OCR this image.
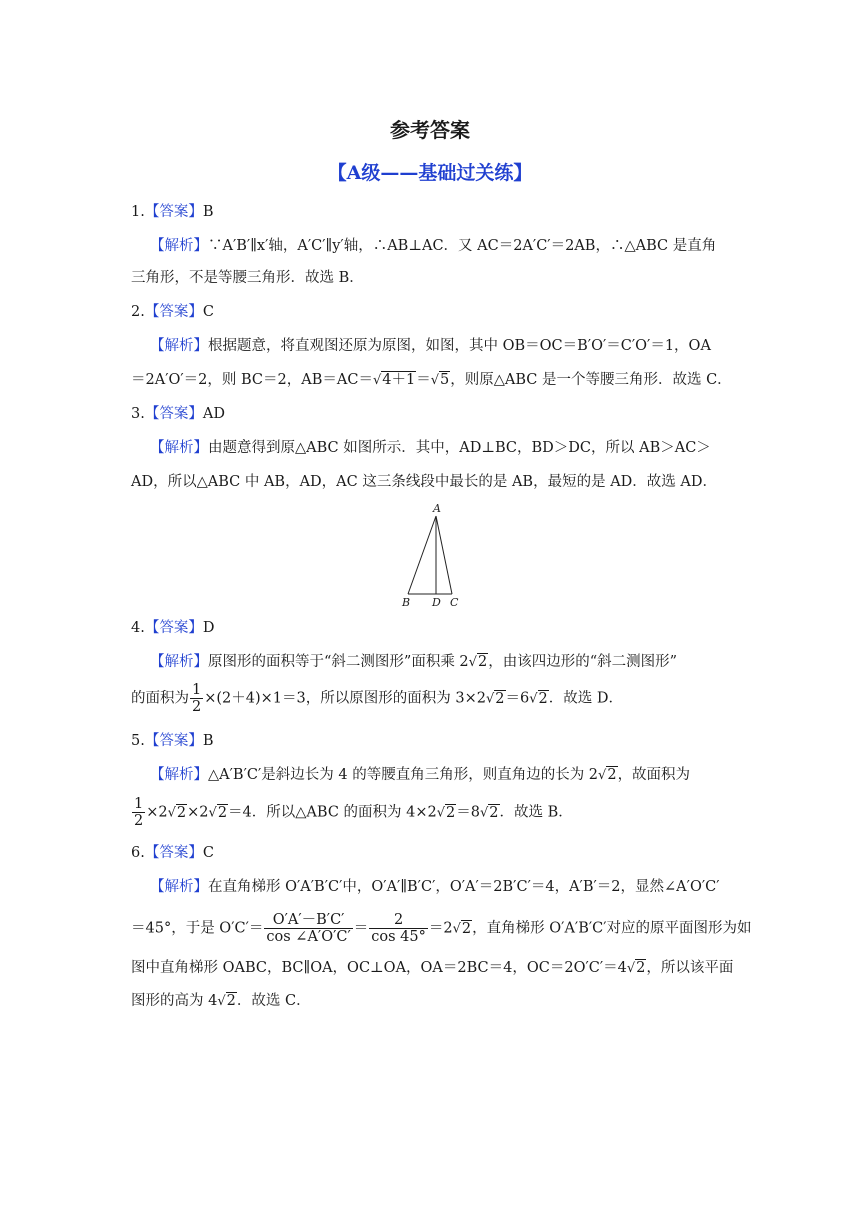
参考答案
【A级——基础过关练】
1.【答案】B
【解析】∵A′B′∥x′轴，A′C′∥y′轴，∴AB⊥AC．又 AC＝2A′C′＝2AB，∴△ABC 是直角
三角形，不是等腰三角形．故选 B．
2.【答案】C
【解析】根据题意，将直观图还原为原图，如图，其中 OB＝OC＝B′O′＝C′O′＝1，OA
＝2A′O′＝2，则 BC＝2，AB＝AC＝√4＋1＝√5，则原△ABC 是一个等腰三角形．故选 C．
3.【答案】AD
【解析】由题意得到原△ABC 如图所示．其中，AD⊥BC，BD＞DC，所以 AB＞AC＞
AD，所以△ABC 中 AB，AD，AC 这三条线段中最长的是 AB，最短的是 AD．故选 AD．
A
B D C
4.【答案】D
【解析】原图形的面积等于“斜二测图形”面积乘 2√2，由该四边形的“斜二测图形”
的面积为 $\frac{1}{2} \times(2+4)\times 1=3$，所以原图形的面积为 3×2√2＝6√2．故选 D．
5.【答案】B
【解析】△A′B′C′是斜边长为 4 的等腰直角三角形，则直角边的长为 2√2，故面积为
$\frac{1}{2} \times 2√2\times 2√2=4$．所以△ABC 的面积为 4×2√2＝8√2．故选 B．
6.【答案】C
【解析】在直角梯形 O′A′B′C′中，O′A′∥B′C′，O′A′＝2B′C′＝4，A′B′＝2，显然∠A′O′C′
＝45°，于是 $O'C'= \frac{O'A'-B'C'}{\cos \angle A'O'C'} = \frac{2}{\cos 45^\circ} =2√2$，直角梯形 O′A′B′C′对应的原平面图形为如
图中直角梯形 OABC，BC∥OA，OC⊥OA，OA＝2BC＝4，OC＝2O′C′＝4√2，所以该平面
图形的高为 4√2．故选 C．
